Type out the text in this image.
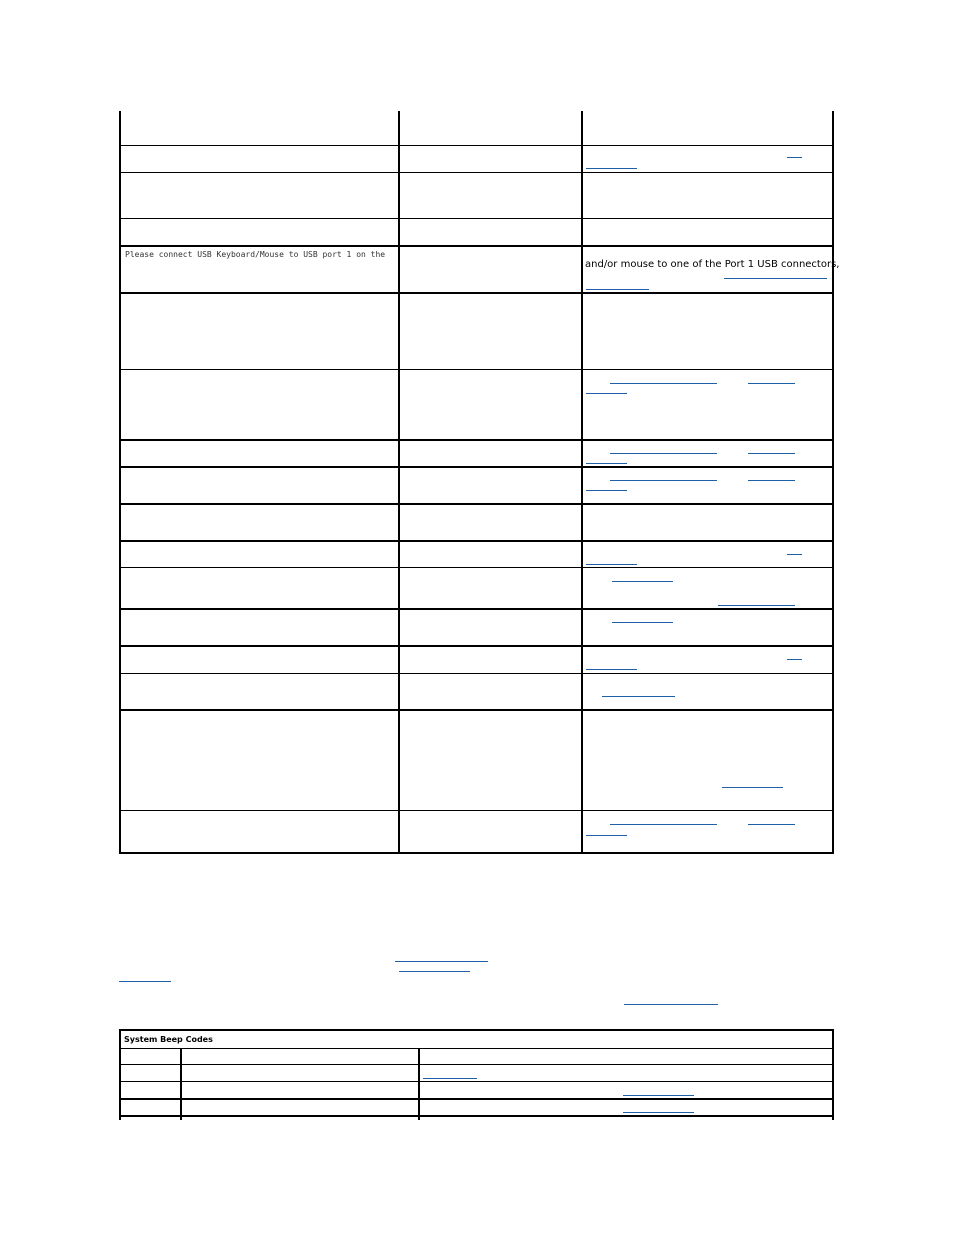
Please connect USB Keyboard/Mouse to USB port 1 on the
and/or mouse to one of the Port 1 USB connectors,
System Beep Codes
